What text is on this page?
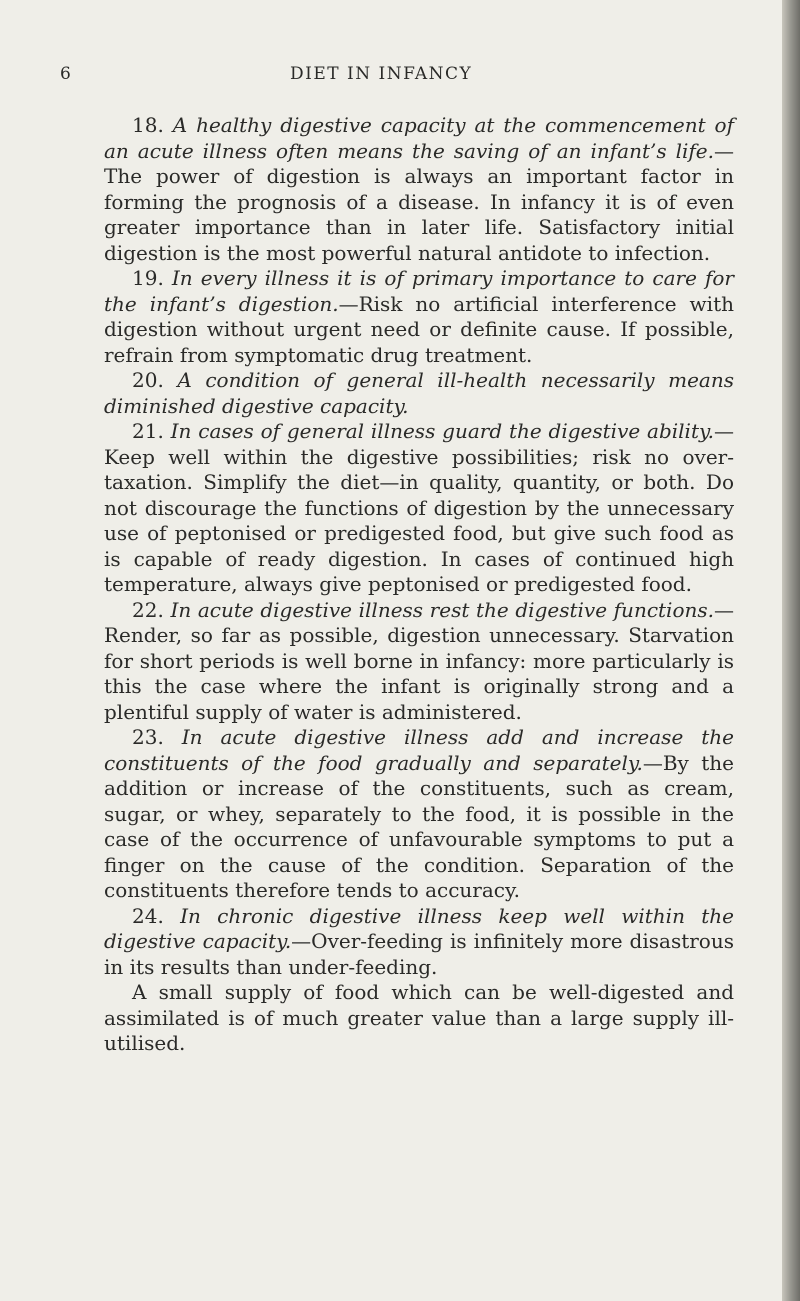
6	DIET IN INFANCY

18. A healthy digestive capacity at the commencement of an acute illness often means the saving of an infant’s life.—The power of digestion is always an important factor in forming the prognosis of a disease. In infancy it is of even greater importance than in later life. Satisfactory initial digestion is the most powerful natural antidote to infection.

19. In every illness it is of primary importance to care for the infant’s digestion.—Risk no artificial interference with digestion without urgent need or definite cause. If possible, refrain from symptomatic drug treatment.

20. A condition of general ill-health necessarily means diminished digestive capacity.

21. In cases of general illness guard the digestive ability.—Keep well within the digestive possibilities; risk no over-taxation. Simplify the diet—in quality, quantity, or both. Do not discourage the functions of digestion by the unnecessary use of peptonised or predigested food, but give such food as is capable of ready digestion. In cases of continued high temperature, always give peptonised or predigested food.

22. In acute digestive illness rest the digestive functions.—Render, so far as possible, digestion unnecessary. Starvation for short periods is well borne in infancy: more particularly is this the case where the infant is originally strong and a plentiful supply of water is administered.

23. In acute digestive illness add and increase the constituents of the food gradually and separately.—By the addition or increase of the constituents, such as cream, sugar, or whey, separately to the food, it is possible in the case of the occurrence of unfavourable symptoms to put a finger on the cause of the condition. Separation of the constituents therefore tends to accuracy.

24. In chronic digestive illness keep well within the digestive capacity.—Over-feeding is infinitely more disastrous in its results than under-feeding.

A small supply of food which can be well-digested and assimilated is of much greater value than a large supply ill-utilised.
